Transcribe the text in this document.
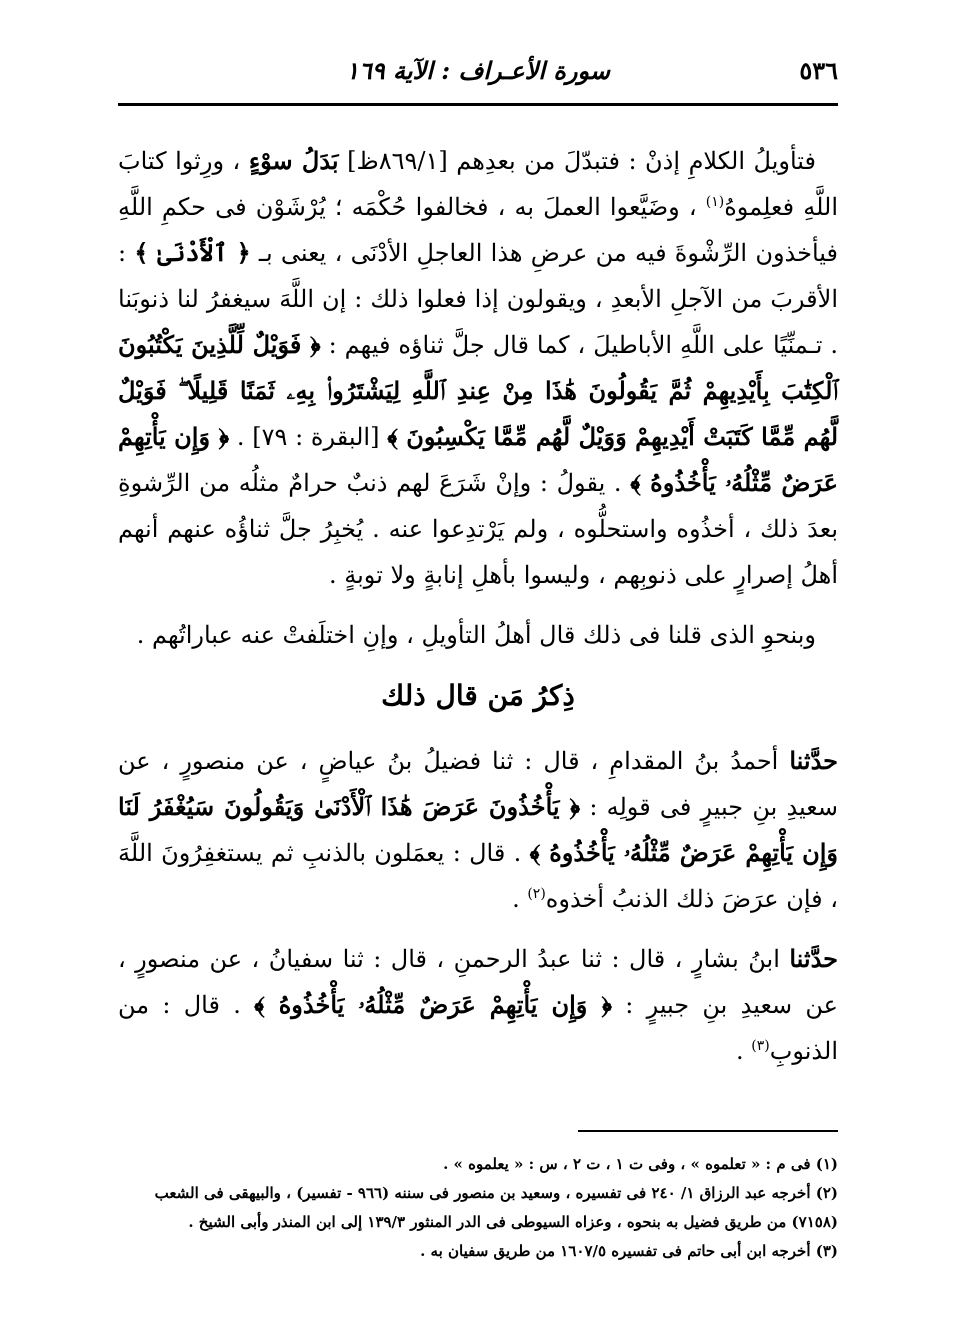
٥٣٦
سورة الأعـراف : الآية ١٦٩

فتأويلُ الكلامِ إذنْ : فتبدّلَ من بعدِهم [٨٦٩/١ظ] بَدَلُ سوْءٍ ، ورِثوا كتابَ اللَّهِ فعلِموهُ$^{(١)}$ ، وضَيَّعوا العملَ به ، فخالفوا حُكْمَه ؛ يُرْشَوْن فى حكمِ اللَّهِ فيأخذون الرِّشْوةَ فيه من عرضِ هذا العاجلِ الأدْنَى ، يعنى بـ ﴿ ٱلْأَدْنَىٰ ﴾ : الأقربَ من الآجلِ الأبعدِ ، ويقولون إذا فعلوا ذلك : إن اللَّهَ سيغفرُ لنا ذنوبَنا . تـمنِّيًا على اللَّهِ الأباطيلَ ، كما قال جلَّ ثناؤه فيهم : ﴿ فَوَيْلٌ لِّلَّذِينَ يَكْتُبُونَ ٱلْكِتَٰبَ بِأَيْدِيهِمْ ثُمَّ يَقُولُونَ هَٰذَا مِنْ عِندِ ٱللَّهِ لِيَشْتَرُوا۟ بِهِۦ ثَمَنًا قَلِيلًا ۖ فَوَيْلٌ لَّهُم مِّمَّا كَتَبَتْ أَيْدِيهِمْ وَوَيْلٌ لَّهُم مِّمَّا يَكْسِبُونَ ﴾ [البقرة : ٧٩] . ﴿ وَإِن يَأْتِهِمْ عَرَضٌ مِّثْلُهُۥ يَأْخُذُوهُ ﴾ . يقولُ : وإنْ شَرَعَ لهم ذنبٌ حرامٌ مثلُه من الرِّشوةِ بعدَ ذلك ، أخذُوه واستحلُّوه ، ولم يَرْتدِعوا عنه . يُخبِرُ جلَّ ثناؤُه عنهم أنهم أهلُ إصرارٍ على ذنوبِهم ، وليسوا بأهلِ إنابةٍ ولا توبةٍ .

وبنحوِ الذى قلنا فى ذلك قال أهلُ التأويلِ ، وإنِ اختلَفتْ عنه عباراتُهم .

ذِكرُ مَن قال ذلك

حدَّثنا أحمدُ بنُ المقدامِ ، قال : ثنا فضيلُ بنُ عياضٍ ، عن منصورٍ ، عن سعيدِ بنِ جبيرٍ فى قولِه : ﴿ يَأْخُذُونَ عَرَضَ هَٰذَا ٱلْأَدْنَىٰ وَيَقُولُونَ سَيُغْفَرُ لَنَا وَإِن يَأْتِهِمْ عَرَضٌ مِّثْلُهُۥ يَأْخُذُوهُ ﴾ . قال : يعمَلون بالذنبِ ثم يستغفِرُونَ اللَّهَ ، فإن عرَضَ ذلك الذنبُ أخذوه$^{(٢)}$ .

حدَّثنا ابنُ بشارٍ ، قال : ثنا عبدُ الرحمنِ ، قال : ثنا سفيانُ ، عن منصورٍ ، عن سعيدِ بنِ جبيرٍ : ﴿ وَإِن يَأْتِهِمْ عَرَضٌ مِّثْلُهُۥ يَأْخُذُوهُ ﴾ . قال : من الذنوبِ$^{(٣)}$ .

(١) فى م : « تعلموه » ، وفى ت ١ ، ت ٢ ، س : « يعلموه » .

(٢) أخرجه عبد الرزاق ١/ ٢٤٠ فى تفسيره ، وسعيد بن منصور فى سننه (٩٦٦ - تفسير) ، والبيهقى فى الشعب (٧١٥٨) من طريق فضيل به بنحوه ، وعزاه السيوطى فى الدر المنثور ١٣٩/٣ إلى ابن المنذر وأبى الشيخ .

(٣) أخرجه ابن أبى حاتم فى تفسيره ١٦٠٧/٥ من طريق سفيان به .
